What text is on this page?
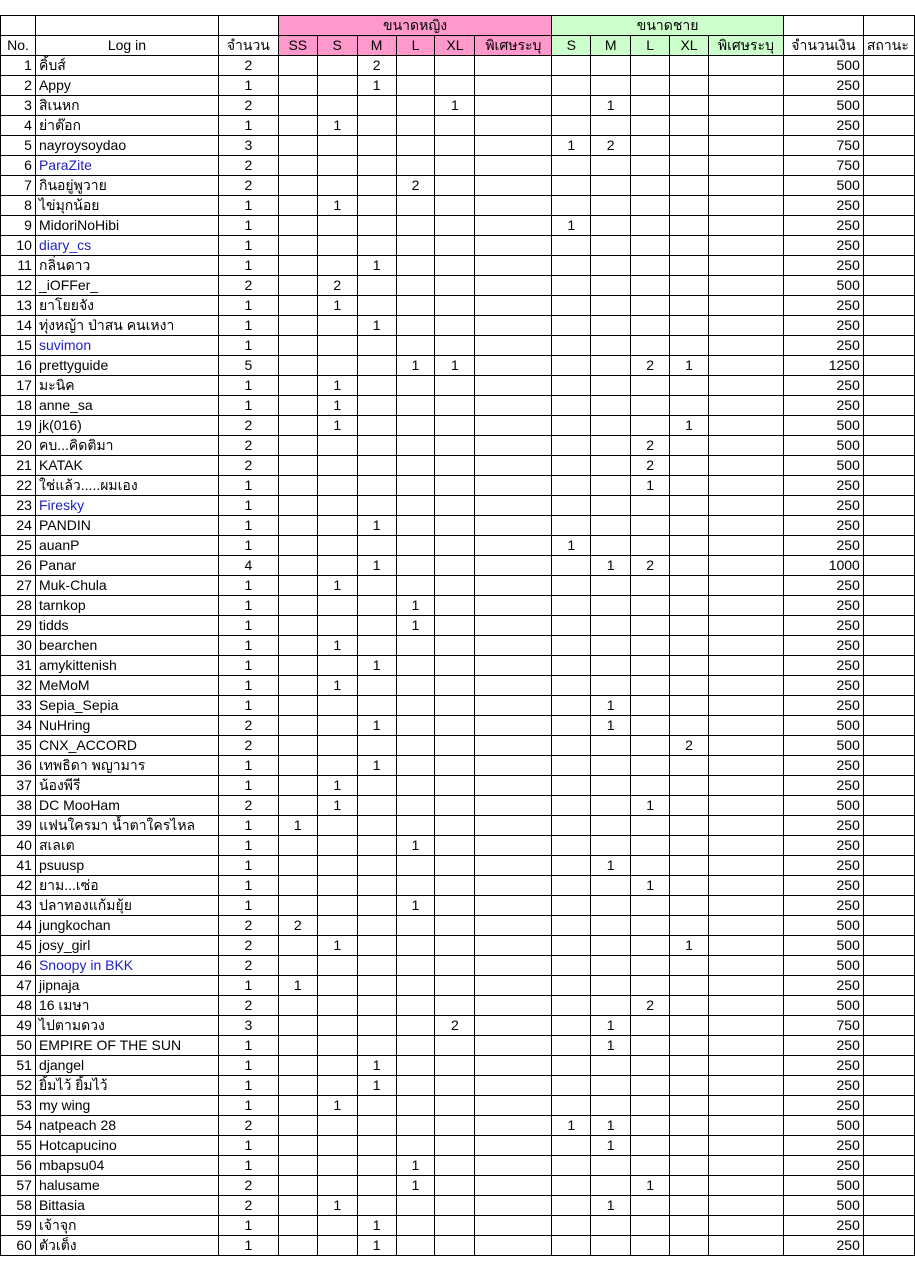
			ขนาดหญิง						ขนาดชาย						
No.	Log in	จำนวน	SS	S	M	L	XL	พิเศษระบุ	S	M	L	XL	พิเศษระบุ	จำนวนเงิน	สถานะ
1	คิ้บส์	2			2									500	
2	Appy	1			1									250	
3	สิเนหก	2					1			1				500	
4	ย่าต๊อก	1		1										250	
5	nayroysoydao	3							1	2				750	
6	ParaZite	2												750	
7	กินอยู่พูวาย	2				2								500	
8	ไข่มุกน้อย	1		1										250	
9	MidoriNoHibi	1							1					250	
10	diary_cs	1												250	
11	กลิ่นดาว	1			1									250	
12	_iOFFer_	2		2										500	
13	ยาโยยจัง	1		1										250	
14	ทุ่งหญ้า ป่าสน คนเหงา	1			1									250	
15	suvimon	1												250	
16	prettyguide	5				1	1				2	1		1250	
17	มะนิค	1		1										250	
18	anne_sa	1		1										250	
19	jk(016)	2		1								1		500	
20	คบ...คิดติมา	2									2			500	
21	KATAK	2									2			500	
22	ใช่แล้ว.....ผมเอง	1									1			250	
23	Firesky	1												250	
24	PANDIN	1			1									250	
25	auanP	1							1					250	
26	Panar	4			1					1	2			1000	
27	Muk-Chula	1		1										250	
28	tarnkop	1				1								250	
29	tidds	1				1								250	
30	bearchen	1		1										250	
31	amykittenish	1			1									250	
32	MeMoM	1		1										250	
33	Sepia_Sepia	1								1				250	
34	NuHring	2			1					1				500	
35	CNX_ACCORD	2										2		500	
36	เทพธิดา พญามาร	1			1									250	
37	น้องพีรี	1		1										250	
38	DC MooHam	2		1							1			500	
39	แฟนใครมา น้ำตาใครไหล	1	1											250	
40	สเลเต	1				1								250	
41	psuusp	1								1				250	
42	ยาม...เซ่อ	1									1			250	
43	ปลาทองแก้มยุ้ย	1				1								250	
44	jungkochan	2	2											500	
45	josy_girl	2		1								1		500	
46	Snoopy in BKK	2												500	
47	jipnaja	1	1											250	
48	16 เมษา	2									2			500	
49	ไปตามดวง	3					2			1				750	
50	EMPIRE OF THE SUN	1								1				250	
51	djangel	1			1									250	
52	ยิ้มไว้ ยิ้มไว้	1			1									250	
53	my wing	1		1										250	
54	natpeach 28	2							1	1				500	
55	Hotcapucino	1								1				250	
56	mbapsu04	1				1								250	
57	halusame	2				1					1			500	
58	Bittasia	2		1						1				500	
59	เจ้าจุก	1			1									250	
60	ตัวเต็ง	1			1									250	
